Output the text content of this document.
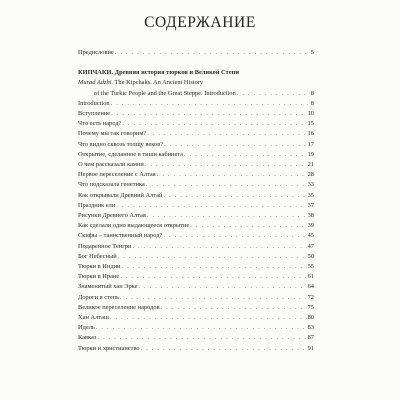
СОДЕРЖАНИЕ
Предисловие . . .	5
КИПЧАКИ. Древняя история тюрков и Великой Степи
Murad Adzhi. The Kipchaks. An Ancient History
of the Turkic People and the Great Steppe. Introduction . . .	8
Introduction . . .	8
Вступление . . .	10
Что есть народ? . . .	15
Почему мы так говорим? . . .	16
Что видно сквозь толщу веков? . . .	17
Открытие, сделанное в тиши кабинета . . .	19
О чем рассказали камни . . .	21
Первое переселение с Алтая . . .	28
Что подсказала генетика . . .	33
Как открывали Древний Алтай . . .	35
Праздник ели . . .	37
Рисунки Древнего Алтая . . .	38
Как сделали одно выдающееся открытие . . .	39
Скифы – таинственный народ? . . .	45
Подаренное Тенгри . . .	47
Бог Небесный . . .	50
Тюрки в Индии . . .	55
Тюрки в Иране . . .	61
Знаменитый хан Эрке . . .	64
Дороги в степь . . .	72
Великое переселение народов . . .	75
Хан Алташ . . .	80
Идель . . .	83
Кавказ . . .	87
Тюрки и христианство . . .	91
